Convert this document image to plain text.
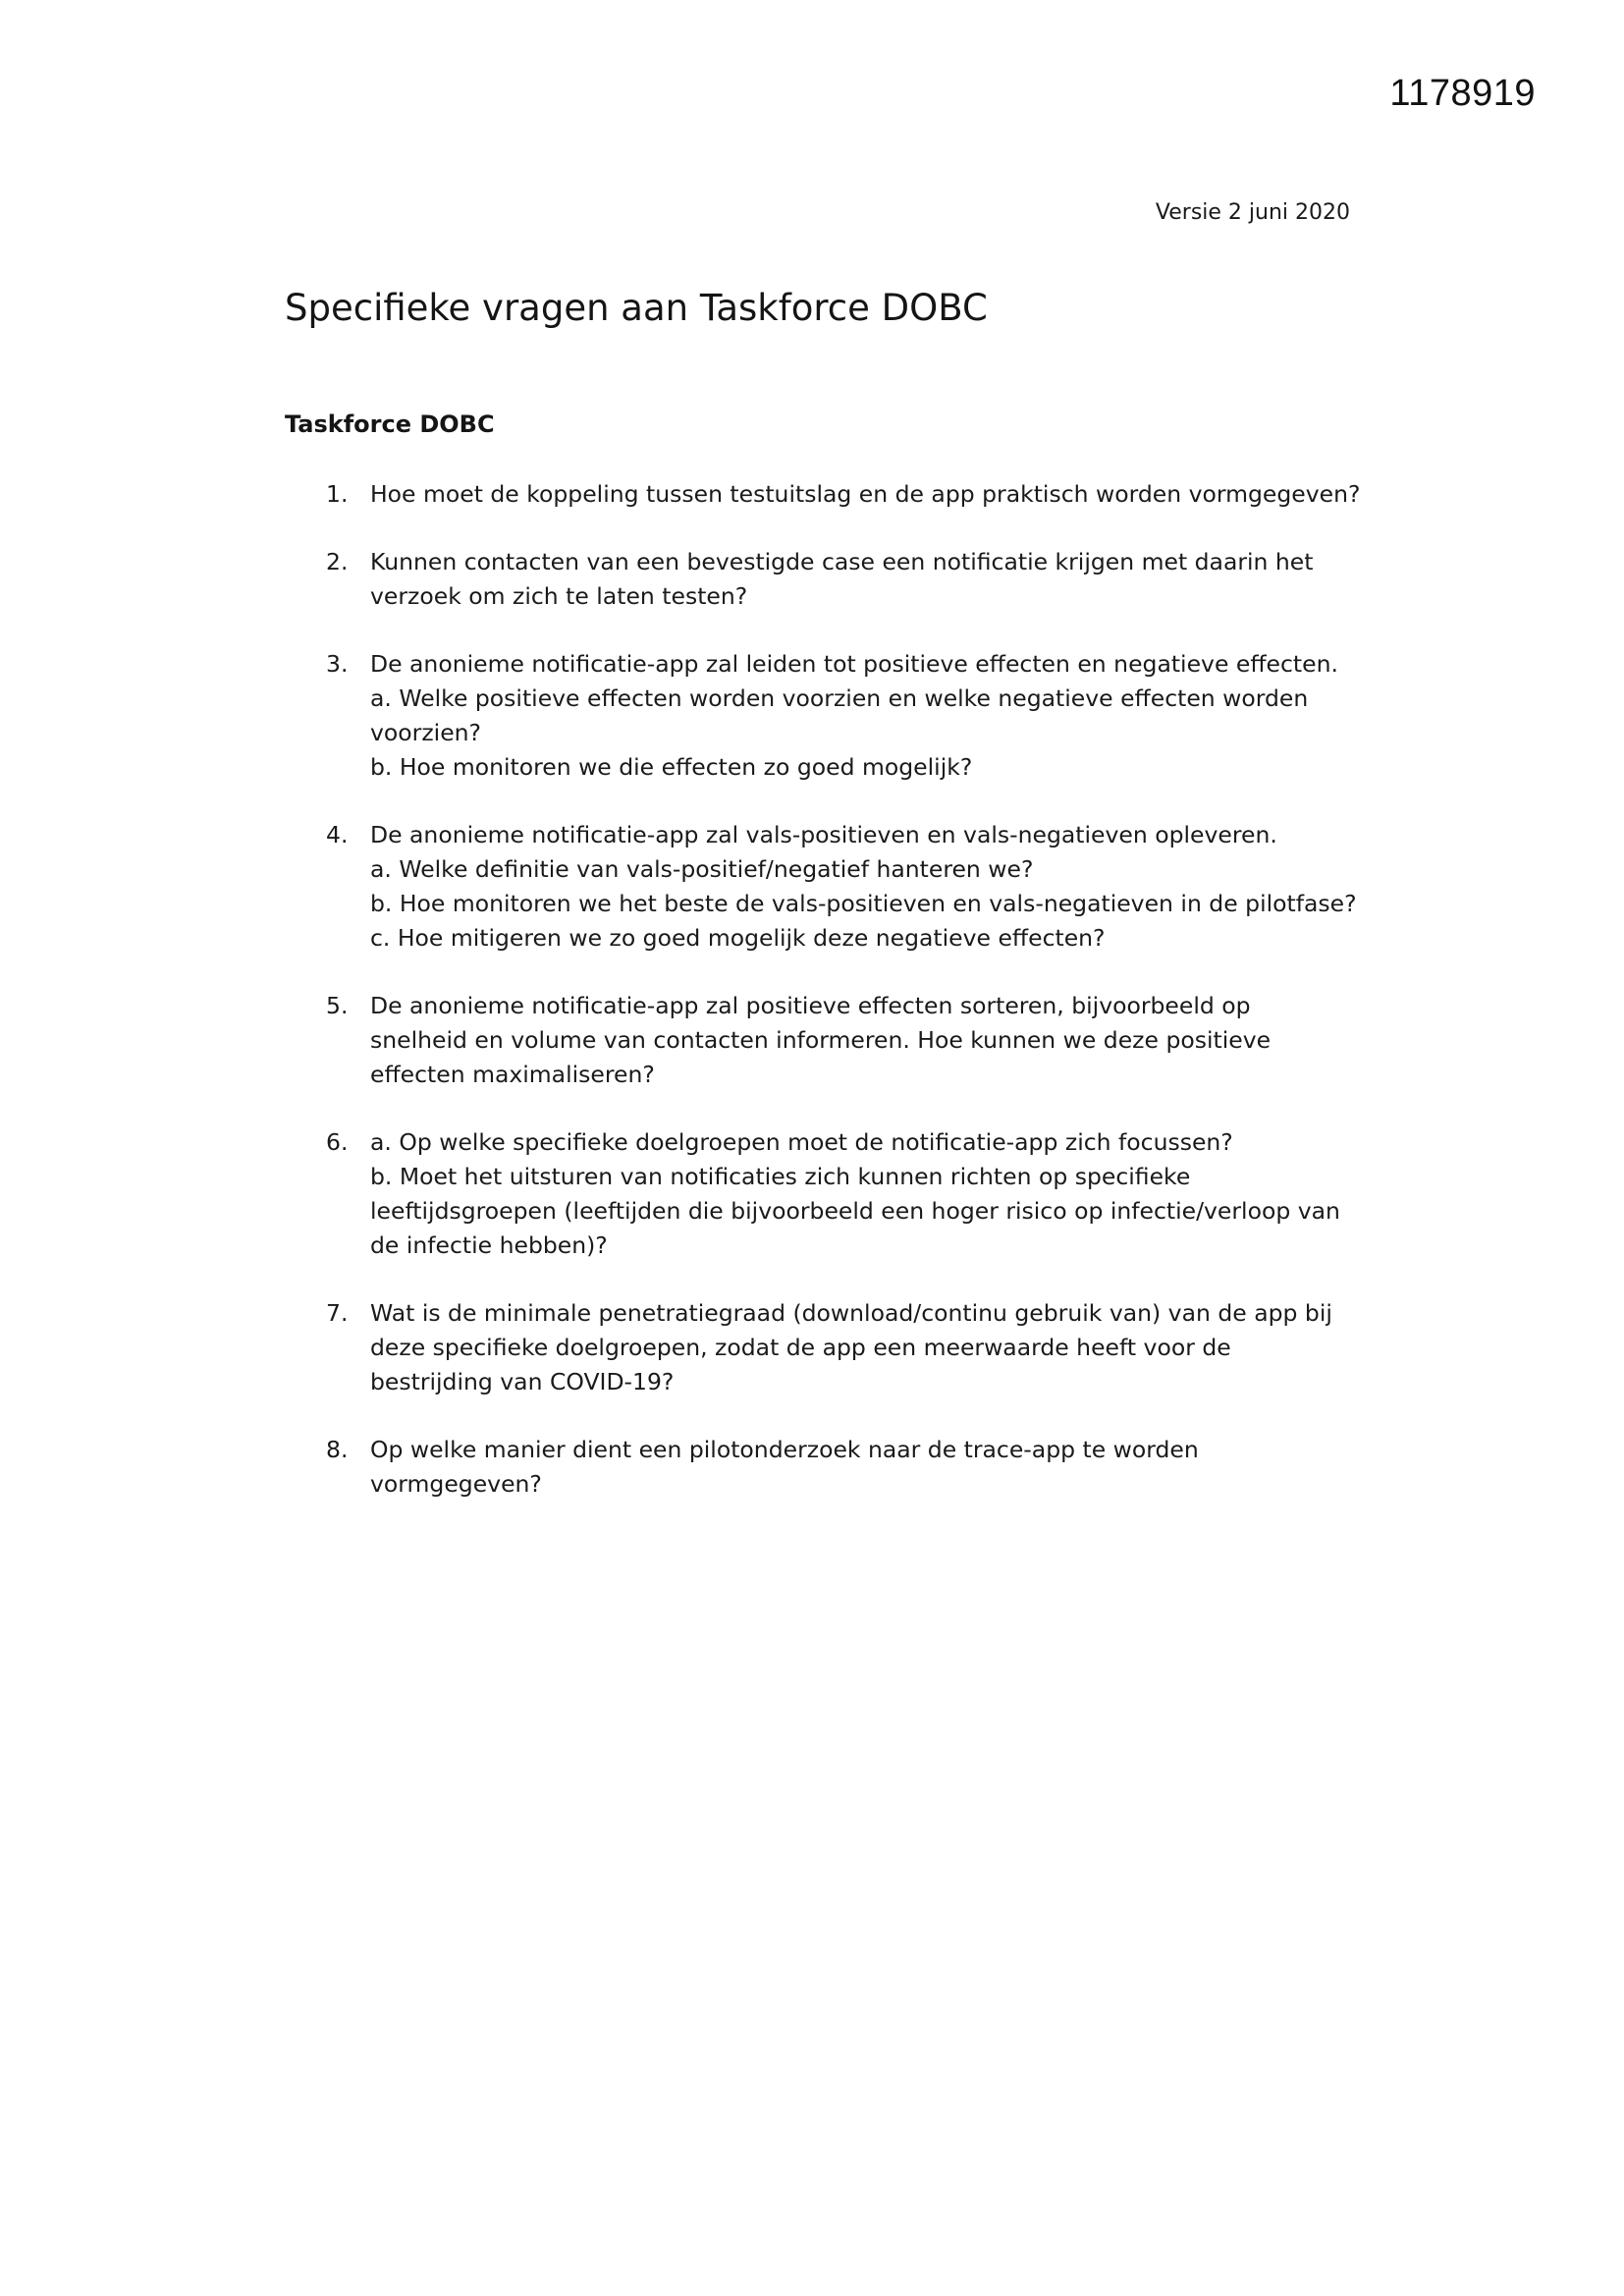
1178919
Versie 2 juni 2020
Specifieke vragen aan Taskforce DOBC
Taskforce DOBC
1. Hoe moet de koppeling tussen testuitslag en de app praktisch worden vormgegeven?
2. Kunnen contacten van een bevestigde case een notificatie krijgen met daarin het
verzoek om zich te laten testen?
3. De anonieme notificatie-app zal leiden tot positieve effecten en negatieve effecten.
a. Welke positieve effecten worden voorzien en welke negatieve effecten worden
voorzien?
b. Hoe monitoren we die effecten zo goed mogelijk?
4. De anonieme notificatie-app zal vals-positieven en vals-negatieven opleveren.
a. Welke definitie van vals-positief/negatief hanteren we?
b. Hoe monitoren we het beste de vals-positieven en vals-negatieven in de pilotfase?
c. Hoe mitigeren we zo goed mogelijk deze negatieve effecten?
5. De anonieme notificatie-app zal positieve effecten sorteren, bijvoorbeeld op
snelheid en volume van contacten informeren. Hoe kunnen we deze positieve
effecten maximaliseren?
6. a. Op welke specifieke doelgroepen moet de notificatie-app zich focussen?
b. Moet het uitsturen van notificaties zich kunnen richten op specifieke
leeftijdsgroepen (leeftijden die bijvoorbeeld een hoger risico op infectie/verloop van
de infectie hebben)?
7. Wat is de minimale penetratiegraad (download/continu gebruik van) van de app bij
deze specifieke doelgroepen, zodat de app een meerwaarde heeft voor de
bestrijding van COVID-19?
8. Op welke manier dient een pilotonderzoek naar de trace-app te worden
vormgegeven?
